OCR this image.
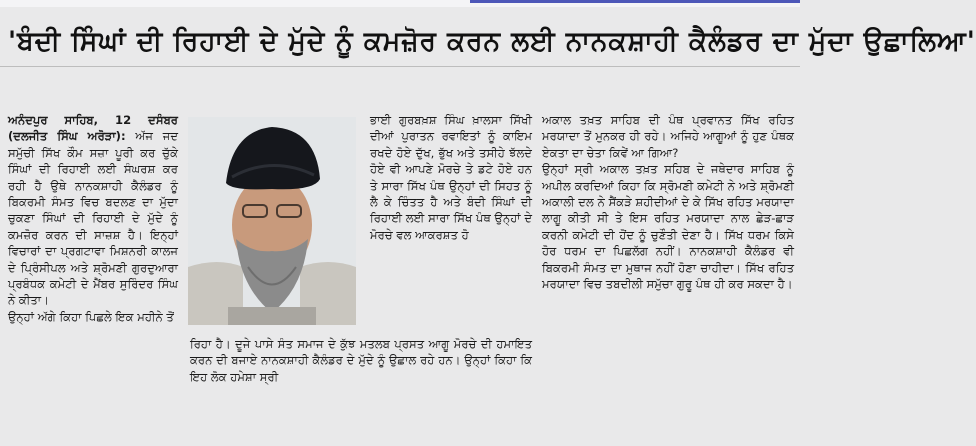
'ਬੰਦੀ ਸਿੰਘਾਂ ਦੀ ਰਿਹਾਈ ਦੇ ਮੁੱਦੇ ਨੂੰ ਕਮਜ਼ੋਰ ਕਰਨ ਲਈ ਨਾਨਕਸ਼ਾਹੀ ਕੈਲੰਡਰ ਦਾ ਮੁੱਦਾ ਉਛਾਲਿਆ'

ਅਨੰਦਪੁਰ ਸਾਹਿਬ, 12 ਦਸੰਬਰ (ਦਲਜੀਤ ਸਿੰਘ ਅਰੋੜਾ): ਅੱਜ ਜਦ ਸਮੁੱਚੀ ਸਿੱਖ ਕੌਮ ਸਜ਼ਾ ਪੂਰੀ ਕਰ ਚੁੱਕੇ ਸਿੰਘਾਂ ਦੀ ਰਿਹਾਈ ਲਈ ਸੰਘਰਸ਼ ਕਰ ਰਹੀ ਹੈ ਉਥੇ ਨਾਨਕਸ਼ਾਹੀ ਕੈਲੰਡਰ ਨੂੰ ਬਿਕਰਮੀ ਸੰਮਤ ਵਿਚ ਬਦਲਣ ਦਾ ਮੁੱਦਾ ਚੁਕਣਾ ਸਿੰਘਾਂ ਦੀ ਰਿਹਾਈ ਦੇ ਮੁੱਦੇ ਨੂੰ ਕਮਜ਼ੋਰ ਕਰਨ ਦੀ ਸਾਜ਼ਸ਼ ਹੈ। ਇਨ੍ਹਾਂ ਵਿਚਾਰਾਂ ਦਾ ਪ੍ਰਗਟਾਵਾ ਮਿਸ਼ਨਰੀ ਕਾਲਜ ਦੇ ਪ੍ਰਿੰਸੀਪਲ ਅਤੇ ਸ਼੍ਰੋਮਣੀ ਗੁਰਦੁਆਰਾ ਪ੍ਰਬੰਧਕ ਕਮੇਟੀ ਦੇ ਮੈਂਬਰ ਸੁਰਿੰਦਰ ਸਿੰਘ ਨੇ ਕੀਤਾ।

ਉਨ੍ਹਾਂ ਅੱਗੇ ਕਿਹਾ ਪਿਛਲੇ ਇਕ ਮਹੀਨੇ ਤੋਂ

ਭਾਈ ਗੁਰਬਖ਼ਸ਼ ਸਿੰਘ ਖ਼ਾਲਸਾ ਸਿੱਖੀ ਦੀਆਂ ਪੁਰਾਤਨ ਰਵਾਇਤਾਂ ਨੂੰ ਕਾਇਮ ਰਖਦੇ ਹੋਏ ਦੁੱਖ, ਭੁੱਖ ਅਤੇ ਤਸੀਹੇ ਝੱਲਦੇ ਹੋਏ ਵੀ ਆਪਣੇ ਮੋਰਚੇ ਤੇ ਡਟੇ ਹੋਏ ਹਨ ਤੇ ਸਾਰਾ ਸਿੱਖ ਪੰਥ ਉਨ੍ਹਾਂ ਦੀ ਸਿਹਤ ਨੂੰ ਲੈ ਕੇ ਚਿੰਤਤ ਹੈ ਅਤੇ ਬੰਦੀ ਸਿੰਘਾਂ ਦੀ ਰਿਹਾਈ ਲਈ ਸਾਰਾ ਸਿੱਖ ਪੰਥ ਉਨ੍ਹਾਂ ਦੇ ਮੋਰਚੇ ਵਲ ਆਕਰਸ਼ਤ ਹੋ

ਰਿਹਾ ਹੈ। ਦੂਜੇ ਪਾਸੇ ਸੰਤ ਸਮਾਜ ਦੇ ਕੁੱਝ ਮਤਲਬ ਪ੍ਰਸਤ ਆਗੂ ਮੋਰਚੇ ਦੀ ਹਮਾਇਤ ਕਰਨ ਦੀ ਬਜਾਏ ਨਾਨਕਸ਼ਾਹੀ ਕੈਲੰਡਰ ਦੇ ਮੁੱਦੇ ਨੂੰ ਉਛਾਲ ਰਹੇ ਹਨ। ਉਨ੍ਹਾਂ ਕਿਹਾ ਕਿ ਇਹ ਲੋਕ ਹਮੇਸ਼ਾ ਸ੍ਰੀ

ਅਕਾਲ ਤਖ਼ਤ ਸਾਹਿਬ ਦੀ ਪੰਥ ਪ੍ਰਵਾਨਤ ਸਿੱਖ ਰਹਿਤ ਮਰਯਾਦਾ ਤੋਂ ਮੁਨਕਰ ਹੀ ਰਹੇ। ਅਜਿਹੇ ਆਗੂਆਂ ਨੂੰ ਹੁਣ ਪੰਥਕ ਏਕਤਾ ਦਾ ਚੇਤਾ ਕਿਵੇਂ ਆ ਗਿਆ?

ਉਨ੍ਹਾਂ ਸ੍ਰੀ ਅਕਾਲ ਤਖ਼ਤ ਸਹਿਬ ਦੇ ਜਥੇਦਾਰ ਸਾਹਿਬ ਨੂੰ ਅਪੀਲ ਕਰਦਿਆਂ ਕਿਹਾ ਕਿ ਸ੍ਰੋਮਣੀ ਕਮੇਟੀ ਨੇ ਅਤੇ ਸ਼੍ਰੋਮਣੀ ਅਕਾਲੀ ਦਲ ਨੇ ਸੈਂਕੜੇ ਸ਼ਹੀਦੀਆਂ ਦੇ ਕੇ ਸਿੱਖ ਰਹਿਤ ਮਰਯਾਦਾ ਲਾਗੂ ਕੀਤੀ ਸੀ ਤੇ ਇਸ ਰਹਿਤ ਮਰਯਾਦਾ ਨਾਲ ਛੇੜ-ਛਾੜ ਕਰਨੀ ਕਮੇਟੀ ਦੀ ਹੋਂਦ ਨੂੰ ਚੁਣੌਤੀ ਦੇਣਾ ਹੈ। ਸਿੱਖ ਧਰਮ ਕਿਸੇ ਹੋਰ ਧਰਮ ਦਾ ਪਿਛਲੱਗ ਨਹੀਂ। ਨਾਨਕਸ਼ਾਹੀ ਕੈਲੰਡਰ ਵੀ ਬਿਕਰਮੀ ਸੰਮਤ ਦਾ ਮੁਥਾਜ ਨਹੀਂ ਹੋਣਾ ਚਾਹੀਦਾ। ਸਿੱਖ ਰਹਿਤ ਮਰਯਾਦਾ ਵਿਚ ਤਬਦੀਲੀ ਸਮੁੱਚਾ ਗੁਰੂ ਪੰਥ ਹੀ ਕਰ ਸਕਦਾ ਹੈ।
